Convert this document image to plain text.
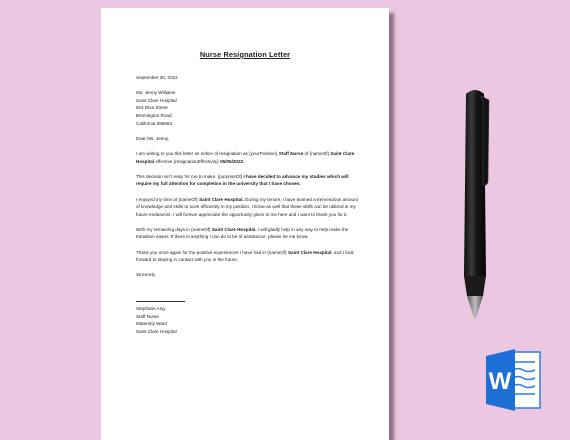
Nurse Resignation Letter

September 30, 2022

Ms. Jenny Williams
Saint Clare Hospital
504 Dive Street
Bennington Road
California 988563

Dear Ms. Jenny,

I am writing to you this letter as notice of resignation as {yourPosition} Staff Nurse of {nameOf} Saint Clare Hospital effective {resignationEffectivity} 05/05/2022.

This decision isn’t easy for me to make. {purposeOf} I have decided to advance my studies which will require my full attention for completion in the university that I have chosen.

I enjoyed my time at {nameOf} Saint Clare Hospital. During my tenure, I have learned a tremendous amount of knowledge and skills to work efficiently in my position. I know as well that these skills can be utilized in my future endeavors. I will forever appreciate the opportunity given to me here and I want to thank you for it.

With my remaining days in {nameOf} Saint Clare Hospital, I will gladly help in any way to help make the transition easier. If there is anything I can do to be of assistance, please let me know.

Thank you once again for the positive experiences I have had in {nameOf} Saint Clare Hospital, and I look forward to staying in contact with you in the future.

Sincerely,

Stepharie Ang
Staff Nurse
Maternity Ward
Saint Clare Hospital
W
